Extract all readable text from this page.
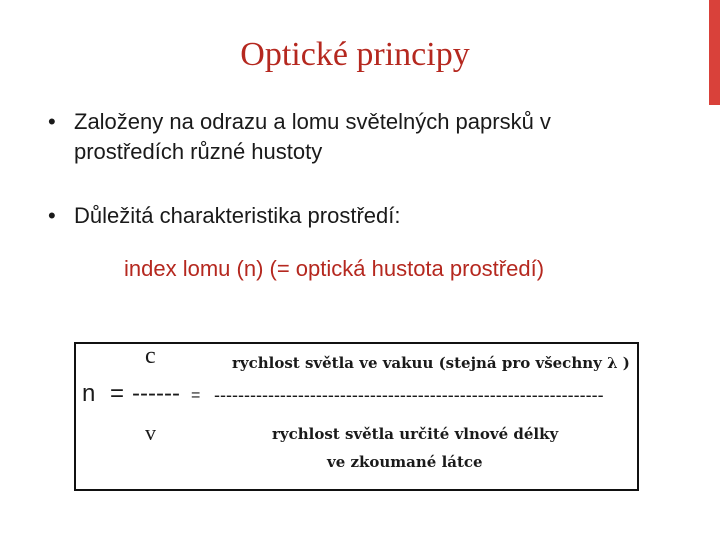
Optické principy
• Založeny na odrazu a lomu světelných paprsků v prostředích různé hustoty
• Důležitá charakteristika prostředí:
index lomu (n) (= optická hustota prostředí)
c
n = ------
v
= -----------------------------------------------------------------
rychlost světla ve vakuu (stejná pro všechny λ )
rychlost světla určité vlnové délky
ve zkoumané látce
